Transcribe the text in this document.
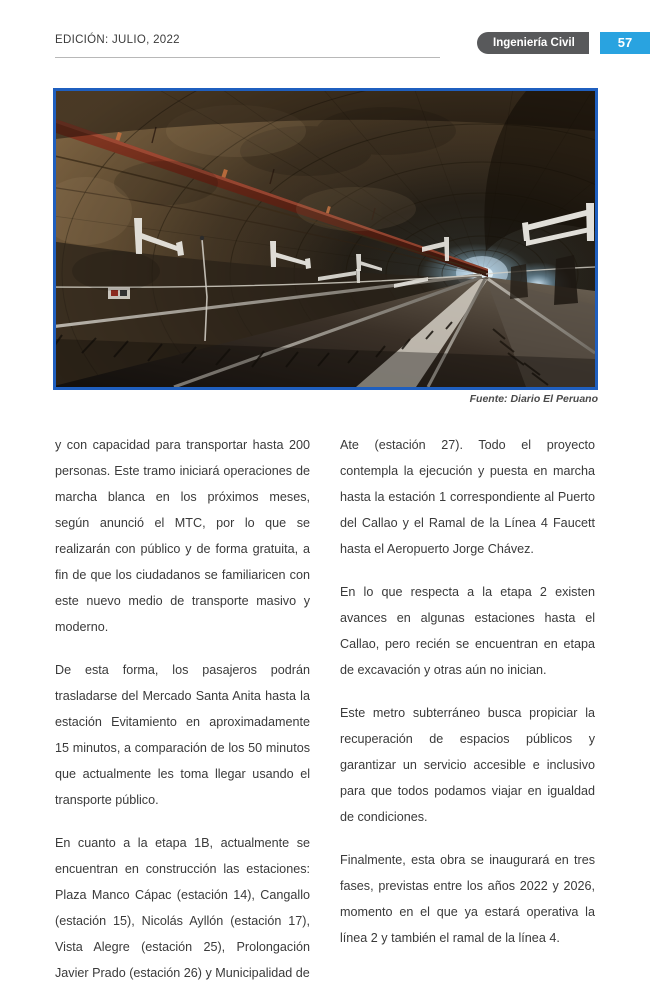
EDICIÓN: JULIO, 2022	Ingeniería Civil	57
Fuente: Diario El Peruano

y con capacidad para transportar hasta 200 personas. Este tramo iniciará operaciones de marcha blanca en los próximos meses, según anunció el MTC, por lo que se realizarán con público y de forma gratuita, a fin de que los ciudadanos se familiaricen con este nuevo medio de transporte masivo y moderno.

De esta forma, los pasajeros podrán trasladarse del Mercado Santa Anita hasta la estación Evitamiento en aproximadamente 15 minutos, a comparación de los 50 minutos que actualmente les toma llegar usando el transporte público.

En cuanto a la etapa 1B, actualmente se encuentran en construcción las estaciones: Plaza Manco Cápac (estación 14), Cangallo (estación 15), Nicolás Ayllón (estación 17), Vista Alegre (estación 25), Prolongación Javier Prado (estación 26) y Municipalidad de

Ate (estación 27). Todo el proyecto contempla la ejecución y puesta en marcha hasta la estación 1 correspondiente al Puerto del Callao y el Ramal de la Línea 4 Faucett hasta el Aeropuerto Jorge Chávez.

En lo que respecta a la etapa 2 existen avances en algunas estaciones hasta el Callao, pero recién se encuentran en etapa de excavación y otras aún no inician.

Este metro subterráneo busca propiciar la recuperación de espacios públicos y garantizar un servicio accesible e inclusivo para que todos podamos viajar en igualdad de condiciones.

Finalmente, esta obra se inaugurará en tres fases, previstas entre los años 2022 y 2026, momento en el que ya estará operativa la línea 2 y también el ramal de la línea 4.
